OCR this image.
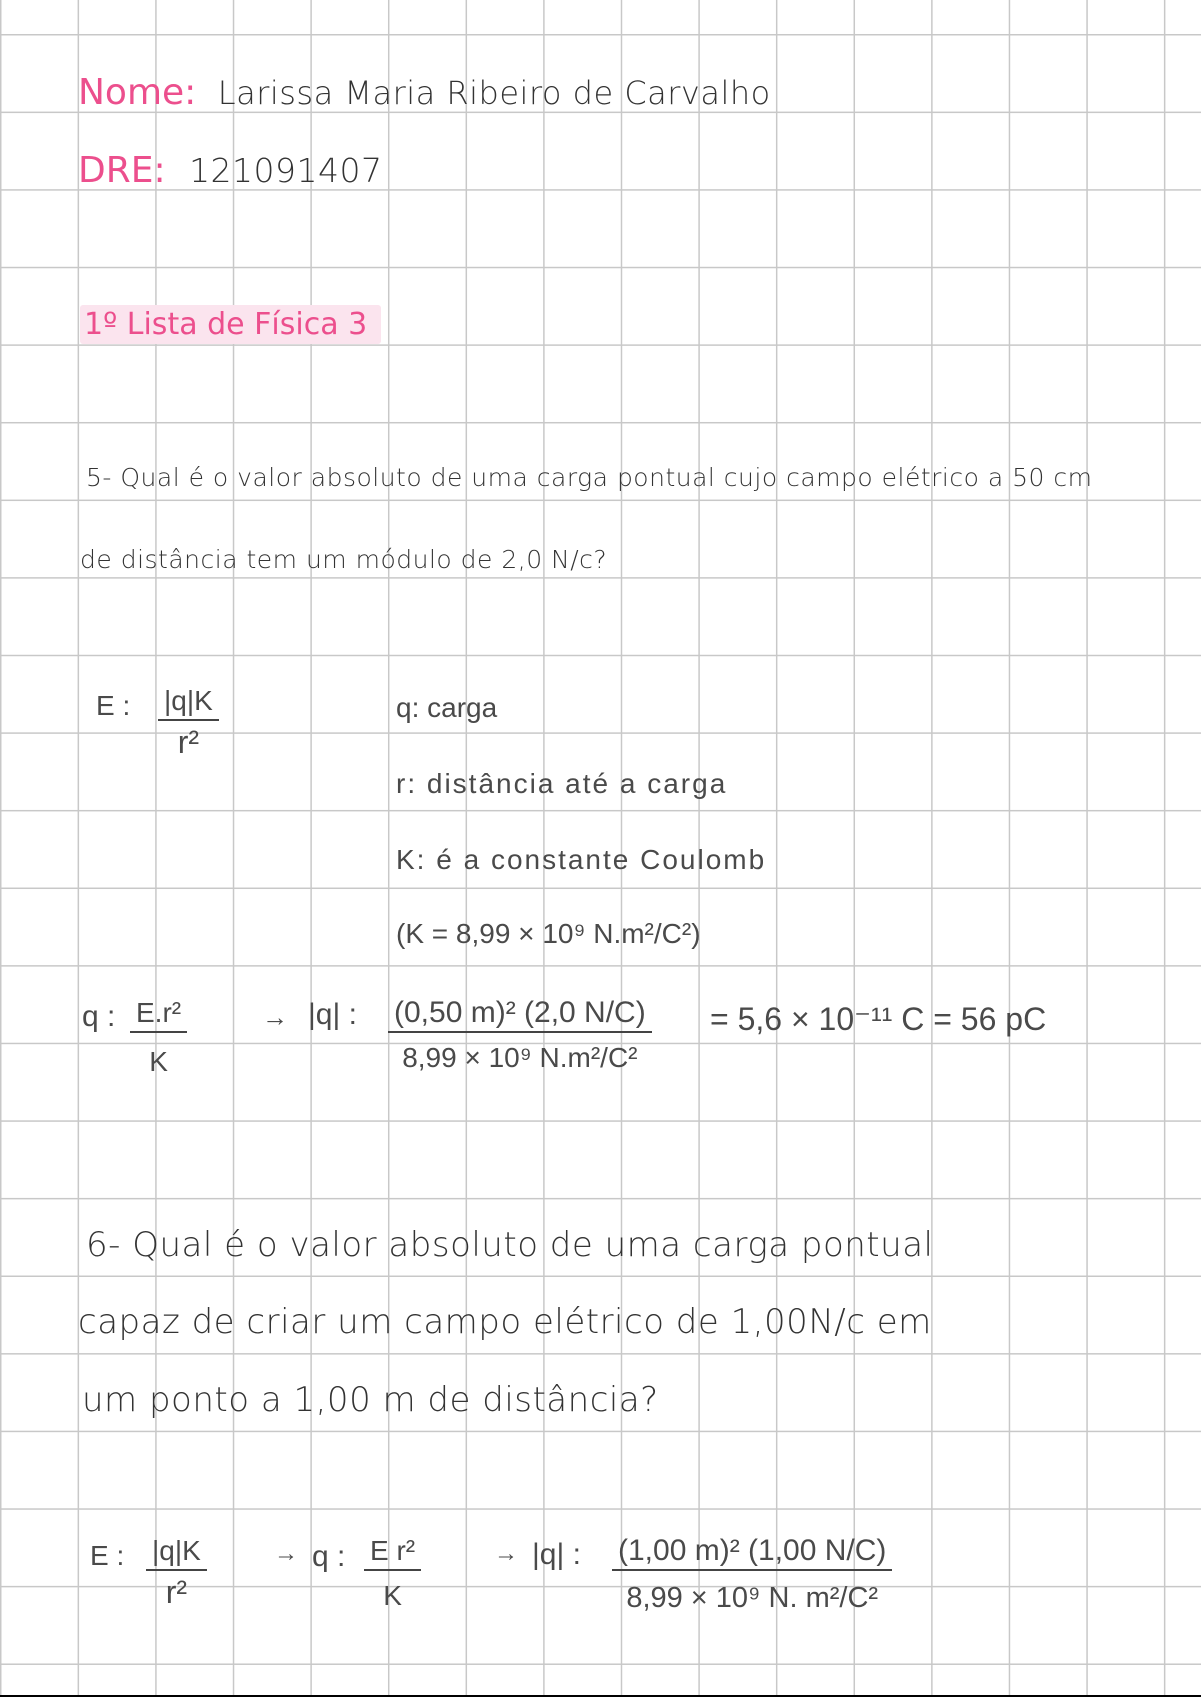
Nome: Larissa Maria Ribeiro de Carvalho
DRE: 121091407
1º Lista de Física 3
5- Qual é o valor absoluto de uma carga pontual cujo campo elétrico a 50 cm
de distância tem um módulo de 2,0 N/c?
E : $\frac{|q|K}{\text{r²}}$	q: carga
r: distância até a carga
K: é a constante Coulomb
(K = 8,99 × 10⁹ N.m²/C²)
q : $\frac{\text{E.r²}}{K}$	→ |q| : $\frac{\text{(0,50 m)² (2,0 N/C)}}{\text{8,99 × 10⁹ N.m²/C²}} = 5,6 \times 10^{-11}$ C = 56 pC
6- Qual é o valor absoluto de uma carga pontual
capaz de criar um campo elétrico de 1,00N/c em
um ponto a 1,00 m de distância?
E : $\frac{|q|K}{\text{r²}}$	→ q : $\frac{\text{E r²}}{K}$	→ |q| : $\frac{\text{(1,00 m)² (1,00 N/C)}}{\text{8,99 × 10⁹ N. m²/C²}}$
